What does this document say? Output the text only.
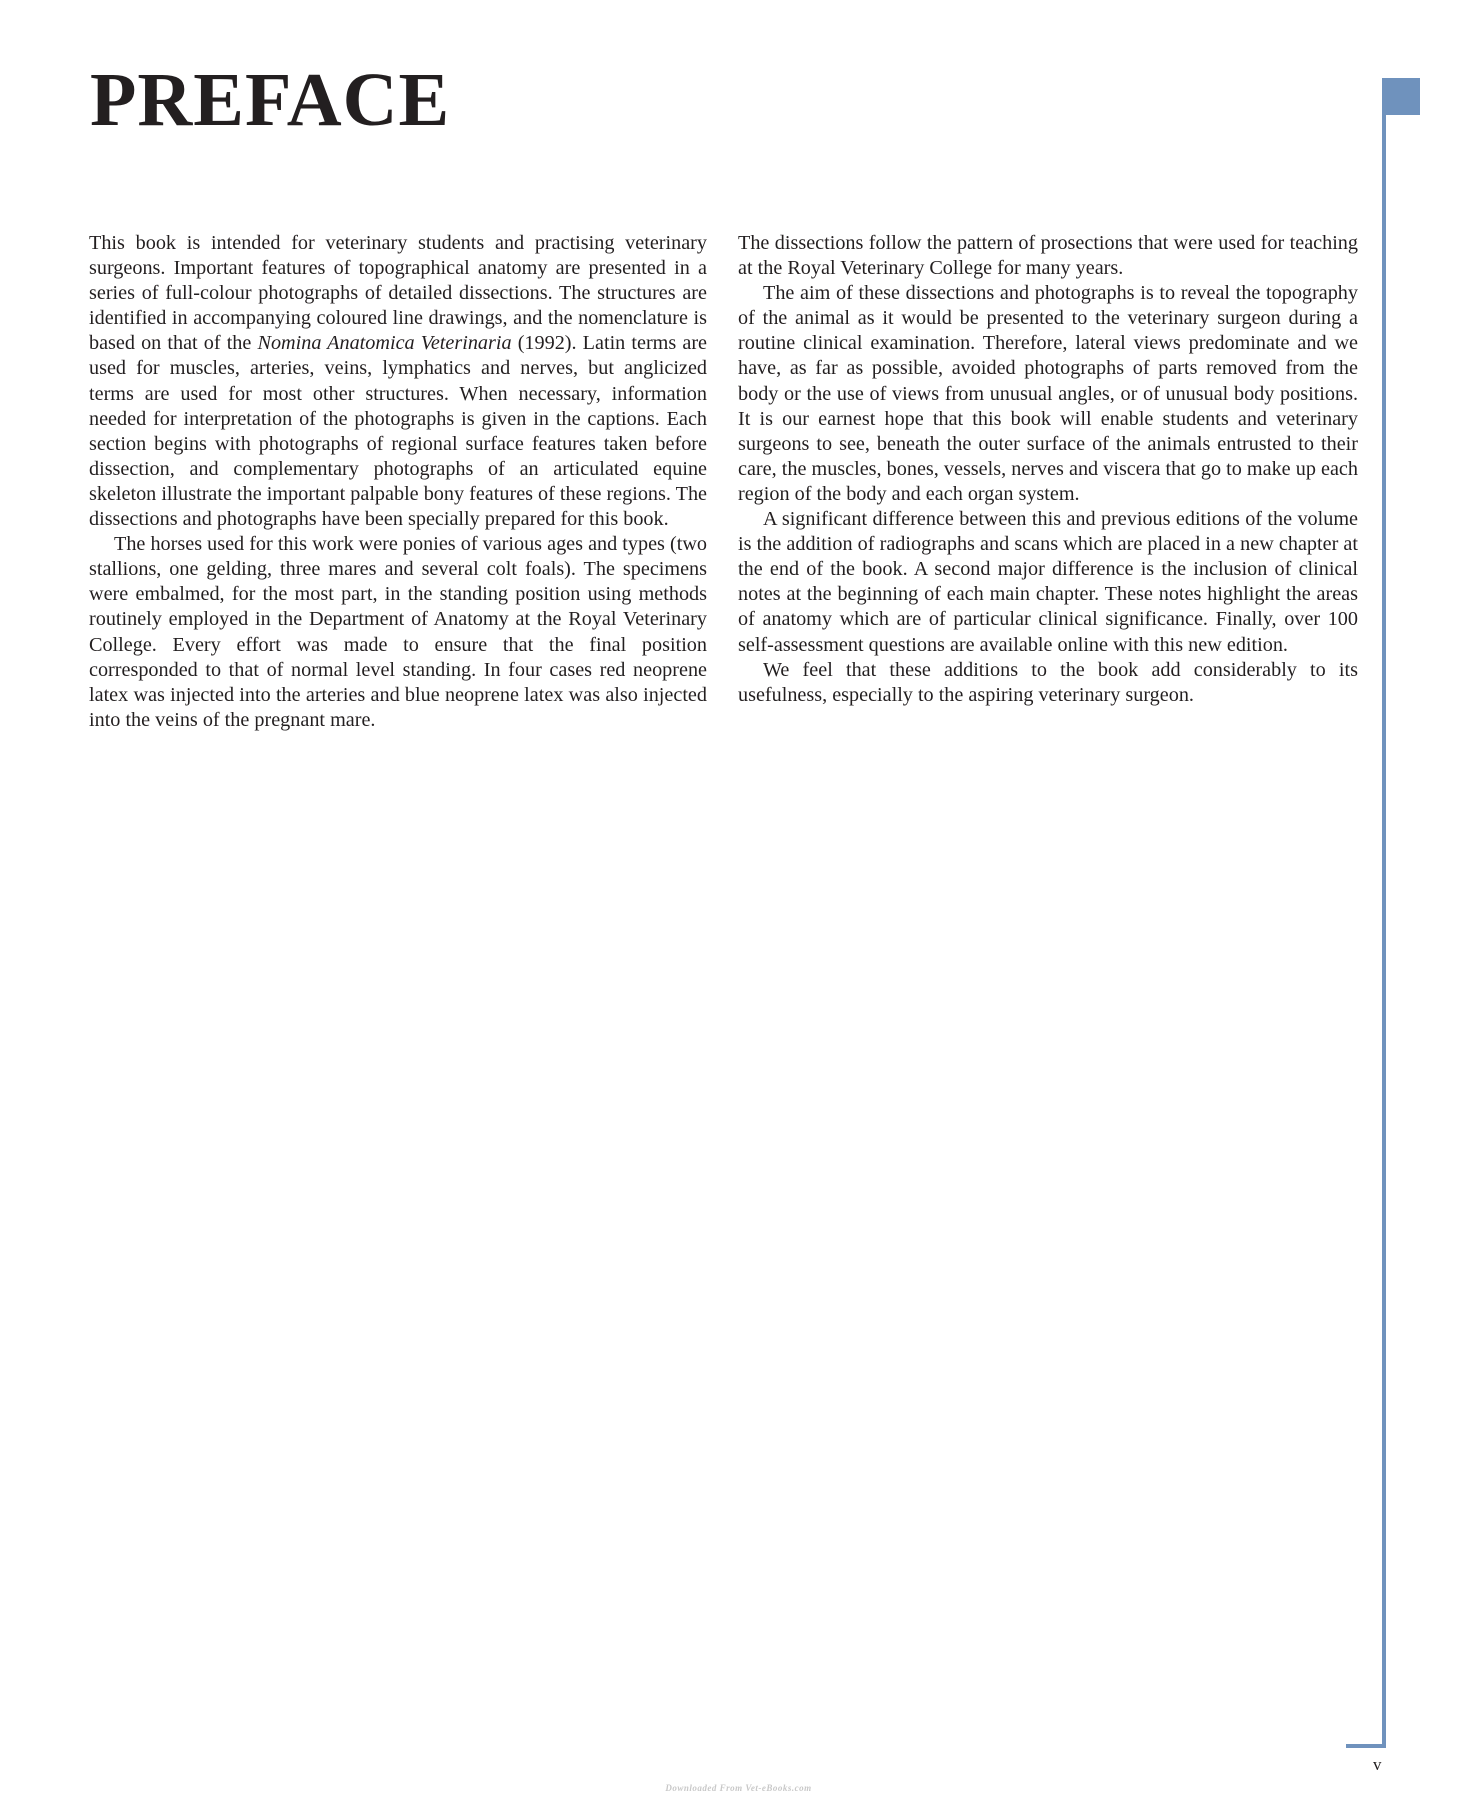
PREFACE

This book is intended for veterinary students and practising veterinary surgeons. Important features of topographical anatomy are presented in a series of full-colour photographs of detailed dissections. The structures are identified in accompanying coloured line drawings, and the nomenclature is based on that of the Nomina Anatomica Veterinaria (1992). Latin terms are used for muscles, arteries, veins, lymphatics and nerves, but anglicized terms are used for most other structures. When necessary, information needed for interpretation of the photographs is given in the captions. Each section begins with photographs of regional surface features taken before dissection, and complementary photographs of an articulated equine skeleton illustrate the important palpable bony features of these regions. The dissections and photographs have been specially prepared for this book.

The horses used for this work were ponies of various ages and types (two stallions, one gelding, three mares and several colt foals). The specimens were embalmed, for the most part, in the standing position using methods routinely employed in the Department of Anatomy at the Royal Veterinary College. Every effort was made to ensure that the final position corresponded to that of normal level standing. In four cases red neoprene latex was injected into the arteries and blue neoprene latex was also injected into the veins of the pregnant mare.

The dissections follow the pattern of prosections that were used for teaching at the Royal Veterinary College for many years.

The aim of these dissections and photographs is to reveal the topography of the animal as it would be presented to the veterinary surgeon during a routine clinical examination. Therefore, lateral views predominate and we have, as far as possible, avoided photographs of parts removed from the body or the use of views from unusual angles, or of unusual body positions. It is our earnest hope that this book will enable students and veterinary surgeons to see, beneath the outer surface of the animals entrusted to their care, the muscles, bones, vessels, nerves and viscera that go to make up each region of the body and each organ system.

A significant difference between this and previous editions of the volume is the addition of radiographs and scans which are placed in a new chapter at the end of the book. A second major difference is the inclusion of clinical notes at the beginning of each main chapter. These notes highlight the areas of anatomy which are of particular clinical significance. Finally, over 100 self-assessment questions are available online with this new edition.

We feel that these additions to the book add considerably to its usefulness, especially to the aspiring veterinary surgeon.

v
Downloaded From Vet-eBooks.com
